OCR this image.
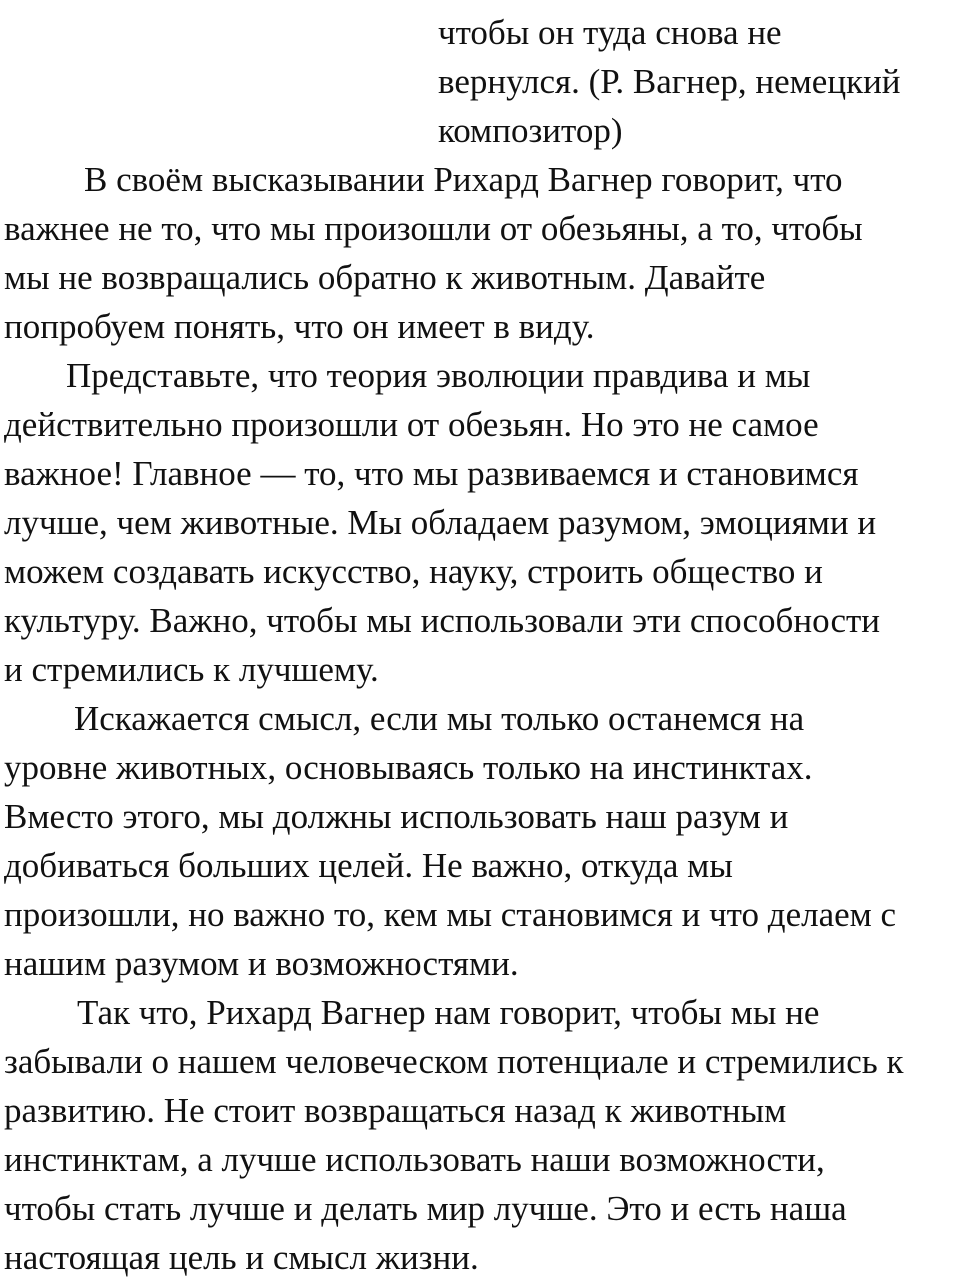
чтобы он туда снова не
вернулся. (Р. Вагнер, немецкий
композитор)
В своём высказывании Рихард Вагнер говорит, что
важнее не то, что мы произошли от обезьяны, а то, чтобы
мы не возвращались обратно к животным. Давайте
попробуем понять, что он имеет в виду.
Представьте, что теория эволюции правдива и мы
действительно произошли от обезьян. Но это не самое
важное! Главное — то, что мы развиваемся и становимся
лучше, чем животные. Мы обладаем разумом, эмоциями и
можем создавать искусство, науку, строить общество и
культуру. Важно, чтобы мы использовали эти способности
и стремились к лучшему.
Искажается смысл, если мы только останемся на
уровне животных, основываясь только на инстинктах.
Вместо этого, мы должны использовать наш разум и
добиваться больших целей. Не важно, откуда мы
произошли, но важно то, кем мы становимся и что делаем с
нашим разумом и возможностями.
Так что, Рихард Вагнер нам говорит, чтобы мы не
забывали о нашем человеческом потенциале и стремились к
развитию. Не стоит возвращаться назад к животным
инстинктам, а лучше использовать наши возможности,
чтобы стать лучше и делать мир лучше. Это и есть наша
настоящая цель и смысл жизни.
